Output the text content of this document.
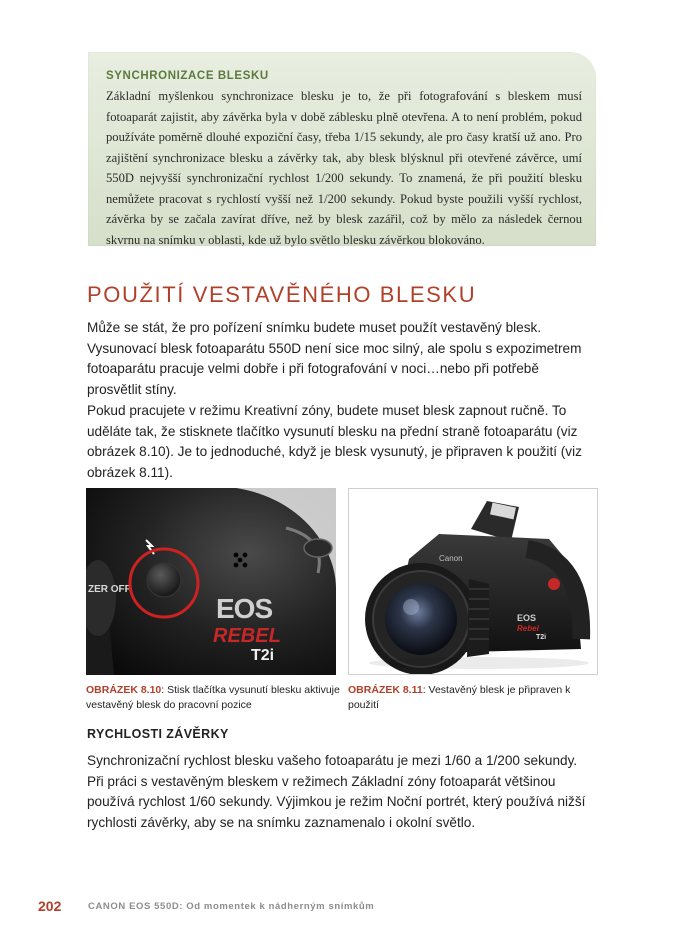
SYNCHRONIZACE BLESKU

Základní myšlenkou synchronizace blesku je to, že při fotografování s bleskem musí fotoaparát zajistit, aby závěrka byla v době záblesku plně otevřena. A to není problém, pokud používáte poměrně dlouhé expoziční časy, třeba 1/15 sekundy, ale pro časy kratší už ano. Pro zajištění synchronizace blesku a závěrky tak, aby blesk blýsknul při otevřené závěrce, umí 550D nejvyšší synchronizační rychlost 1/200 sekundy. To znamená, že při použití blesku nemůžete pracovat s rychlostí vyšší než 1/200 sekundy. Pokud byste použili vyšší rychlost, závěrka by se začala zavírat dříve, než by blesk zazářil, což by mělo za následek černou skvrnu na snímku v oblasti, kde už bylo světlo blesku závěrkou blokováno.

POUŽITÍ VESTAVĚNÉHO BLESKU

Může se stát, že pro pořízení snímku budete muset použít vestavěný blesk. Vysunovací blesk fotoaparátu 550D není sice moc silný, ale spolu s expozimetrem fotoaparátu pracuje velmi dobře i při fotografování v noci…nebo při potřebě prosvětlit stíny.

Pokud pracujete v režimu Kreativní zóny, budete muset blesk zapnout ručně. To uděláte tak, že stisknete tlačítko vysunutí blesku na přední straně fotoaparátu (viz obrázek 8.10). Je to jednoduché, když je blesk vysunutý, je připraven k použití (viz obrázek 8.11).

ZER OFF
EOS
REBEL
T2i
Canon
EOS
Rebel
T2i

OBRÁZEK 8.10: Stisk tlačítka vysunutí blesku aktivuje vestavěný blesk do pracovní pozice

OBRÁZEK 8.11: Vestavěný blesk je připraven k použití

RYCHLOSTI ZÁVĚRKY

Synchronizační rychlost blesku vašeho fotoaparátu je mezi 1/60 a 1/200 sekundy. Při práci s vestavěným bleskem v režimech Základní zóny fotoaparát většinou používá rychlost 1/60 sekundy. Výjimkou je režim Noční portrét, který používá nižší rychlosti závěrky, aby se na snímku zaznamenalo i okolní světlo.

202	CANON EOS 550D: Od momentek k nádherným snímkům
